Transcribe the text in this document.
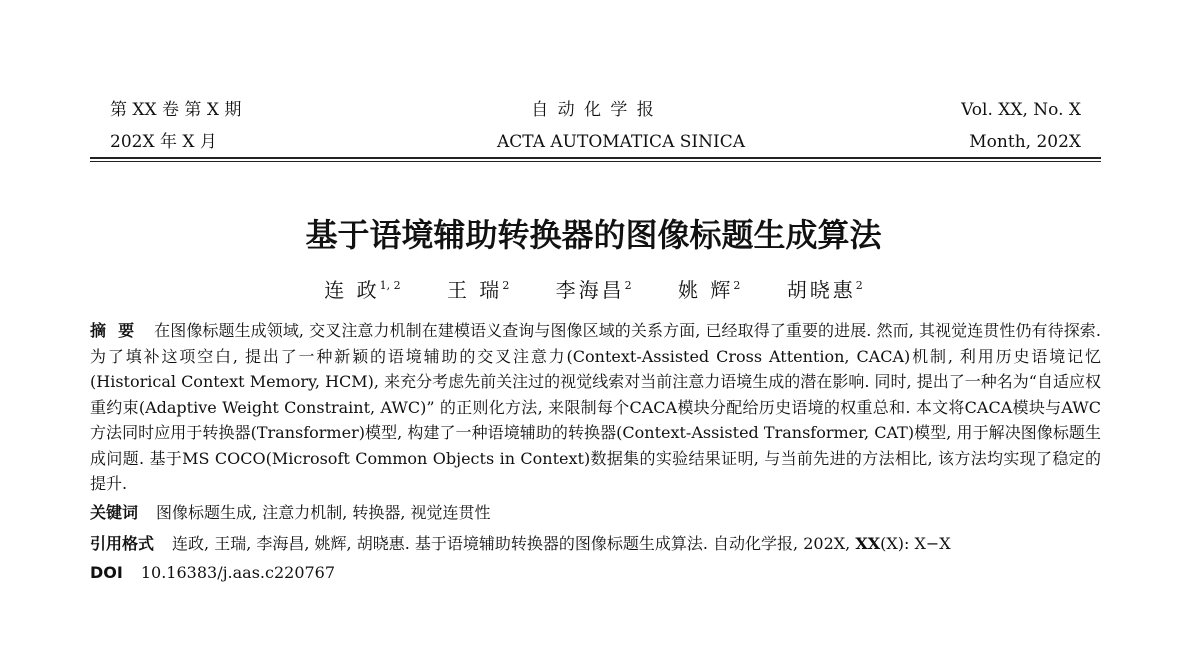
第 XX 卷 第 X 期
202X 年 X 月
自 动 化 学 报
ACTA AUTOMATICA SINICA
Vol. XX, No. X
Month, 202X
基于语境辅助转换器的图像标题生成算法
连 政$^{1, 2}$ 王 瑞$^2$ 李海昌$^2$ 姚 辉$^2$ 胡晓惠$^2$
摘要 在图像标题生成领域, 交叉注意力机制在建模语义查询与图像区域的关系方面, 已经取得了重要的进展. 然而, 其视觉连贯性仍有待探索. 为了填补这项空白, 提出了一种新颖的语境辅助的交叉注意力(Context-Assisted Cross Attention, CACA)机制, 利用历史语境记忆(Historical Context Memory, HCM), 来充分考虑先前关注过的视觉线索对当前注意力语境生成的潜在影响. 同时, 提出了一种名为“自适应权重约束(Adaptive Weight Constraint, AWC)” 的正则化方法, 来限制每个CACA模块分配给历史语境的权重总和. 本文将CACA模块与AWC方法同时应用于转换器(Transformer)模型, 构建了一种语境辅助的转换器(Context-Assisted Transformer, CAT)模型, 用于解决图像标题生成问题. 基于MS COCO(Microsoft Common Objects in Context)数据集的实验结果证明, 与当前先进的方法相比, 该方法均实现了稳定的提升.
关键词 图像标题生成, 注意力机制, 转换器, 视觉连贯性
引用格式 连政, 王瑞, 李海昌, 姚辉, 胡晓惠. 基于语境辅助转换器的图像标题生成算法. 自动化学报, 202X, XX(X): X−X
DOI 10.16383/j.aas.c220767
